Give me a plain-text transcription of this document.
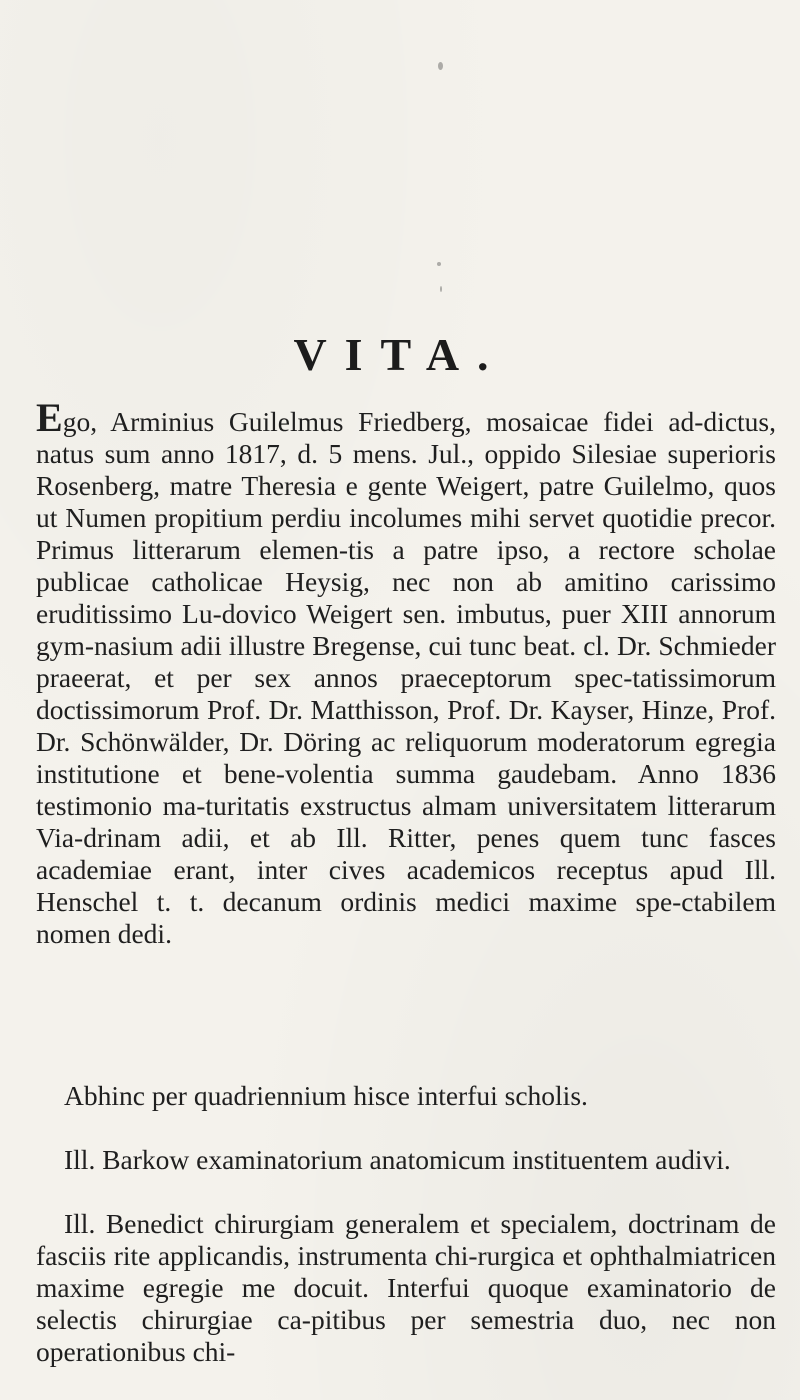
VITA.
Ego, Arminius Guilelmus Friedberg, mosaicae fidei ad-dictus, natus sum anno 1817, d. 5 mens. Jul., oppido Silesiae superioris Rosenberg, matre Theresia e gente Weigert, patre Guilelmo, quos ut Numen propitium perdiu incolumes mihi servet quotidie precor. Primus litterarum elemen-tis a patre ipso, a rectore scholae publicae catholicae Heysig, nec non ab amitino carissimo eruditissimo Lu-dovico Weigert sen. imbutus, puer XIII annorum gym-nasium adii illustre Bregense, cui tunc beat. cl. Dr. Schmieder praeerat, et per sex annos praeceptorum spec-tatissimorum doctissimorum Prof. Dr. Matthisson, Prof. Dr. Kayser, Hinze, Prof. Dr. Schönwälder, Dr. Döring ac reliquorum moderatorum egregia institutione et bene-volentia summa gaudebam. Anno 1836 testimonio ma-turitatis exstructus almam universitatem litterarum Via-drinam adii, et ab Ill. Ritter, penes quem tunc fasces academiae erant, inter cives academicos receptus apud Ill. Henschel t. t. decanum ordinis medici maxime spe-ctabilem nomen dedi.
Abhinc per quadriennium hisce interfui scholis.
Ill. Barkow examinatorium anatomicum instituentem audivi.
Ill. Benedict chirurgiam generalem et specialem, doctrinam de fasciis rite applicandis, instrumenta chi-rurgica et ophthalmiatricen maxime egregie me docuit. Interfui quoque examinatorio de selectis chirurgiae ca-pitibus per semestria duo, nec non operationibus chi-
